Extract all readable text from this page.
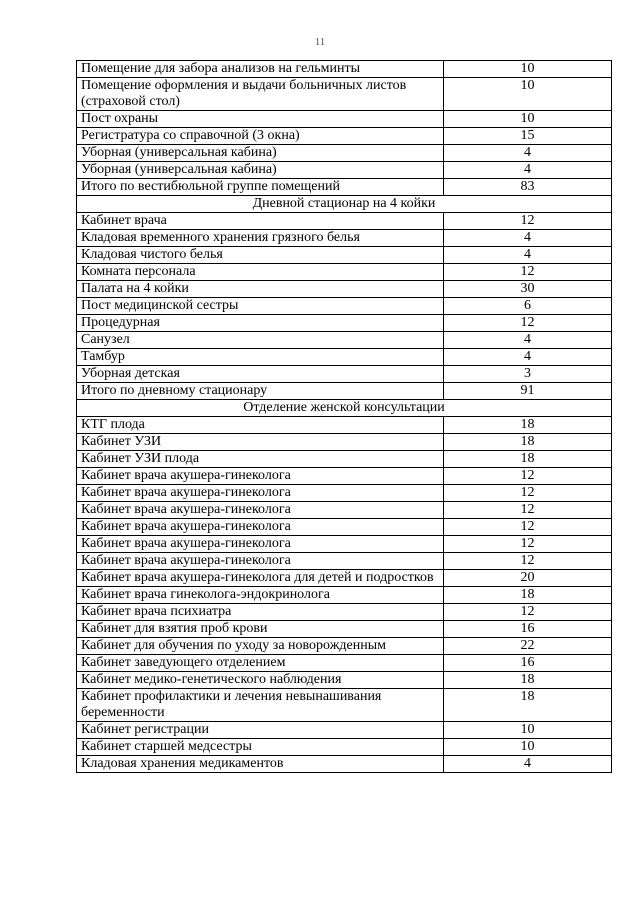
11
Помещение для забора анализов на гельминты	10
Помещение оформления и выдачи больничных листов (страховой стол)	10
Пост охраны	10
Регистратура со справочной (3 окна)	15
Уборная (универсальная кабина)	4
Уборная (универсальная кабина)	4
Итого по вестибюльной группе помещений	83
Дневной стационар на 4 койки	
Кабинет врача	12
Кладовая временного хранения грязного белья	4
Кладовая чистого белья	4
Комната персонала	12
Палата на 4 койки	30
Пост медицинской сестры	6
Процедурная	12
Санузел	4
Тамбур	4
Уборная детская	3
Итого по дневному стационару	91
Отделение женской консультации	
КТГ плода	18
Кабинет УЗИ	18
Кабинет УЗИ плода	18
Кабинет врача акушера-гинеколога	12
Кабинет врача акушера-гинеколога	12
Кабинет врача акушера-гинеколога	12
Кабинет врача акушера-гинеколога	12
Кабинет врача акушера-гинеколога	12
Кабинет врача акушера-гинеколога	12
Кабинет врача акушера-гинеколога для детей и подростков	20
Кабинет врача гинеколога-эндокринолога	18
Кабинет врача психиатра	12
Кабинет для взятия проб крови	16
Кабинет для обучения по уходу за новорожденным	22
Кабинет заведующего отделением	16
Кабинет медико-генетического наблюдения	18
Кабинет профилактики и лечения невынашивания беременности	18
Кабинет регистрации	10
Кабинет старшей медсестры	10
Кладовая хранения медикаментов	4
